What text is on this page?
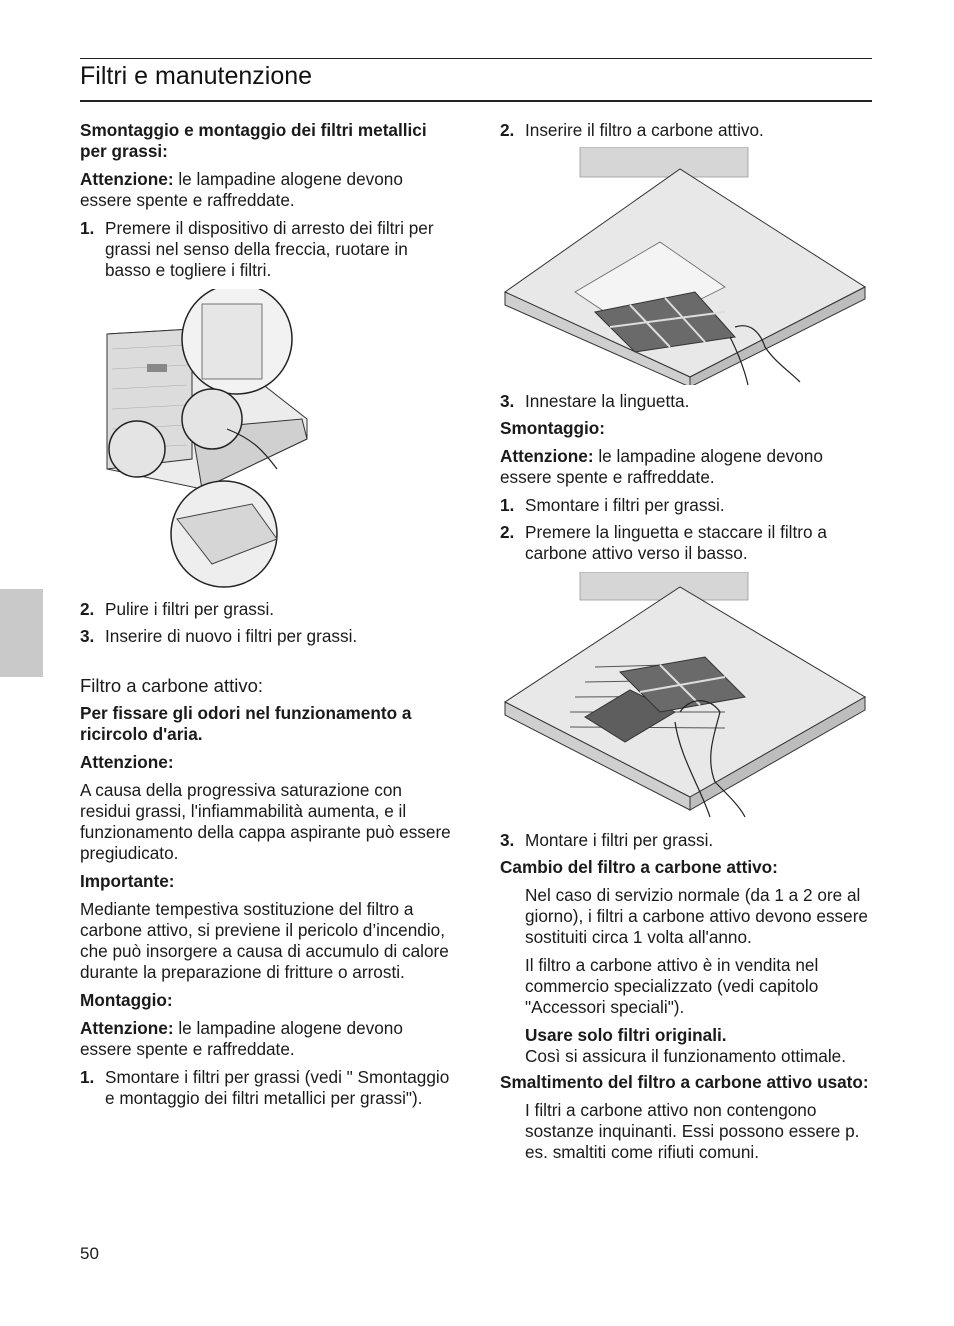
Filtri e manutenzione

Smontaggio e montaggio dei filtri metallici per grassi:

Attenzione: le lampadine alogene devono essere spente e raffreddate.

1. Premere il dispositivo di arresto dei filtri per grassi nel senso della freccia, ruotare in basso e togliere i filtri.
2. Pulire i filtri per grassi.
3. Inserire di nuovo i filtri per grassi.

Filtro a carbone attivo:

Per fissare gli odori nel funzionamento a ricircolo d'aria.

Attenzione:

A causa della progressiva saturazione con residui grassi, l'infiammabilità aumenta, e il funzionamento della cappa aspirante può essere pregiudicato.

Importante:

Mediante tempestiva sostituzione del filtro a carbone attivo, si previene il pericolo d’incendio, che può insorgere a causa di accumulo di calore durante la preparazione di fritture o arrosti.

Montaggio:

Attenzione: le lampadine alogene devono essere spente e raffreddate.

1. Smontare i filtri per grassi (vedi " Smontaggio e montaggio dei filtri metallici per grassi").
2. Inserire il filtro a carbone attivo.
3. Innestare la linguetta.

Smontaggio:

Attenzione: le lampadine alogene devono essere spente e raffreddate.

1. Smontare i filtri per grassi.
2. Premere la linguetta e staccare il filtro a carbone attivo verso il basso.
3. Montare i filtri per grassi.

Cambio del filtro a carbone attivo:

Nel caso di servizio normale (da 1 a 2 ore al giorno), i filtri a carbone attivo devono essere sostituiti circa 1 volta all'anno.

Il filtro a carbone attivo è in vendita nel commercio specializzato (vedi capitolo "Accessori speciali").

Usare solo filtri originali.
Così si assicura il funzionamento ottimale.

Smaltimento del filtro a carbone attivo usato:

I filtri a carbone attivo non contengono sostanze inquinanti. Essi possono essere p. es. smaltiti come rifiuti comuni.

50
